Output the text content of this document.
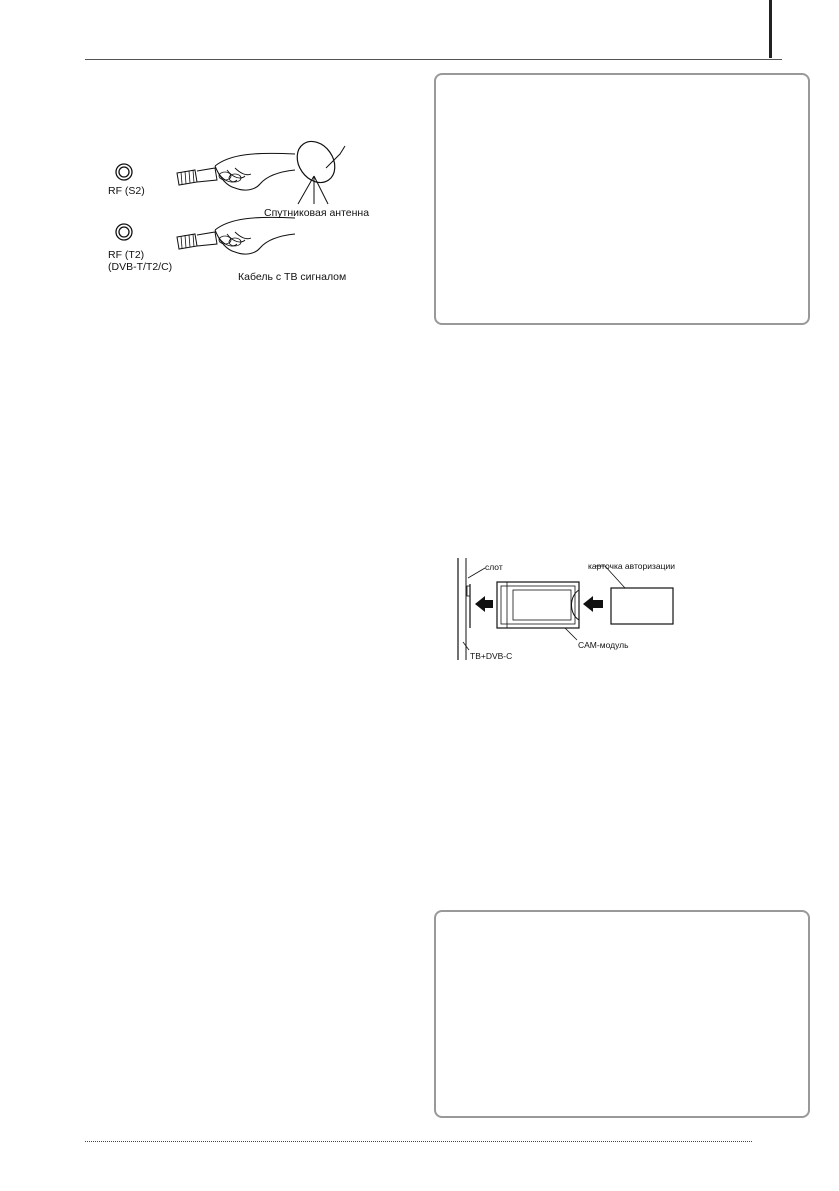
RF (S2)
Спутниковая антенна
RF (T2)
(DVB-T/T2/C)
Кабель с ТВ сигналом
слот	карточка авторизации
CAM-модуль
ТВ+DVB-C
